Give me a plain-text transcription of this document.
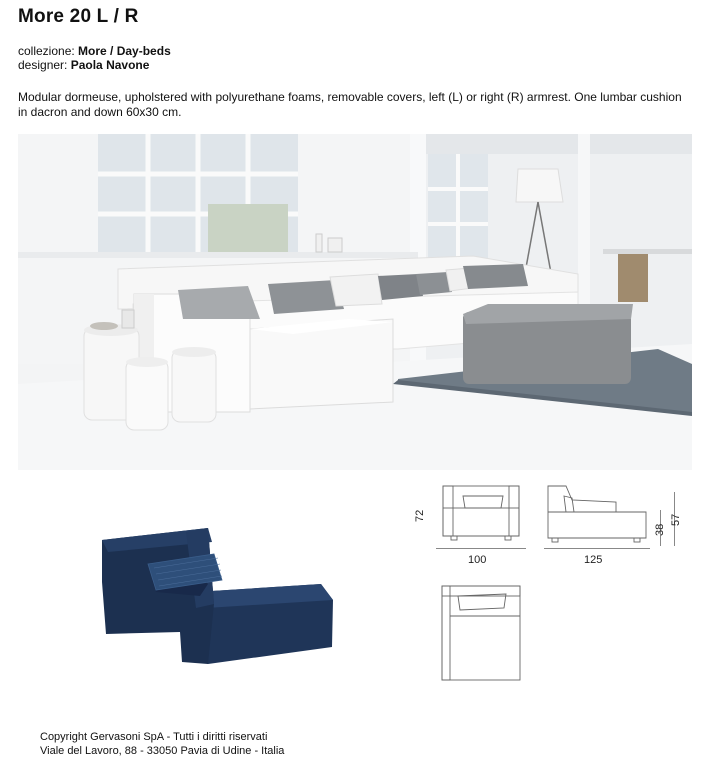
More 20 L / R
collezione: More / Day-beds
designer: Paola Navone
Modular dormeuse, upholstered with polyurethane foams, removable covers, left (L) or right (R) armrest. One lumbar cushion in dacron and down 60x30 cm.
72
100	125
38
57
Copyright Gervasoni SpA - Tutti i diritti riservati
Viale del Lavoro, 88 - 33050 Pavia di Udine - Italia
